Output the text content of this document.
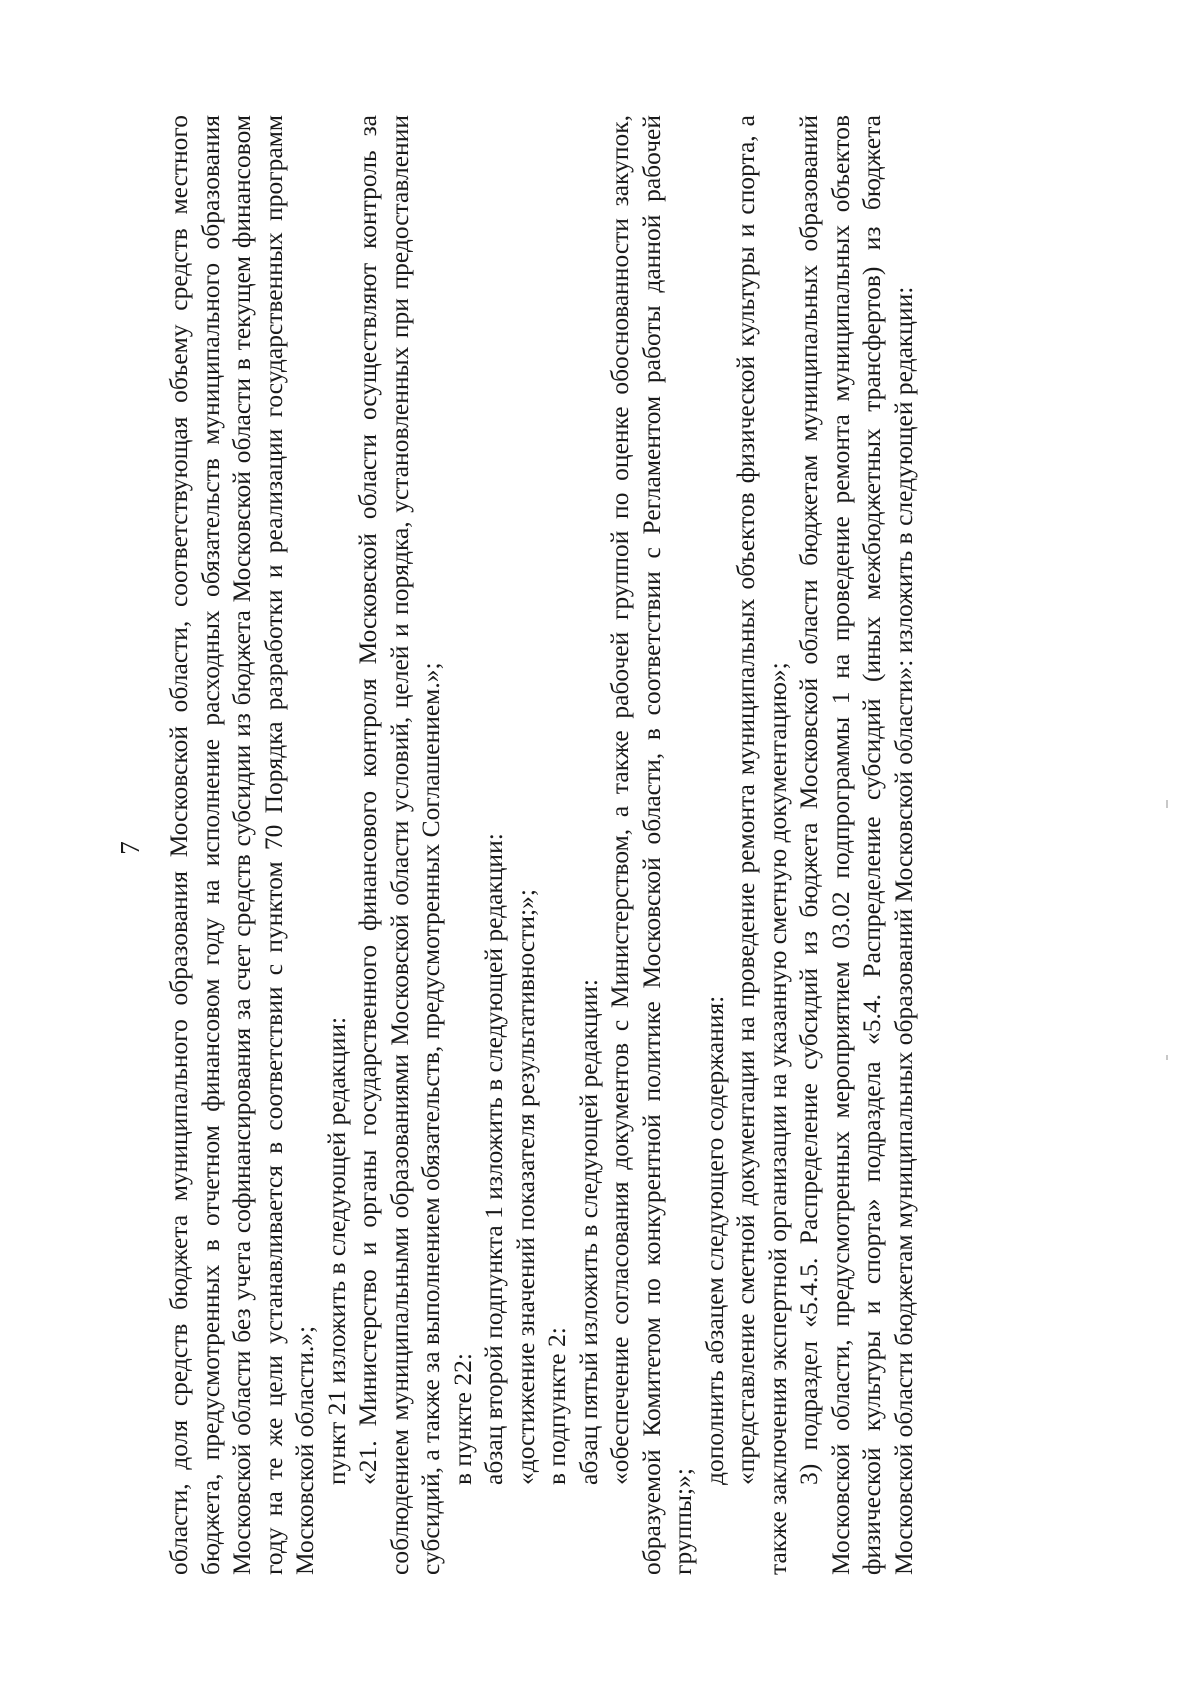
7 области, доля средств бюджета муниципального образования Московской области, соответствующая объему средств местного бюджета, предусмотренных в отчетном финансовом году на исполнение расходных обязательств муниципального образования Московской области без учета софинансирования за счет средств субсидии из бюджета Московской области в текущем финансовом году на те же цели устанавливается в соответствии с пунктом 70 Порядка разработки и реализации государственных программ Московской области.»; пункт 21 изложить в следующей редакции: «21. Министерство и органы государственного финансового контроля Московской области осуществляют контроль за соблюдением муниципальными образованиями Московской области условий, целей и порядка, установленных при предоставлении субсидий, а также за выполнением обязательств, предусмотренных Соглашением.»; в пункте 22: абзац второй подпункта 1 изложить в следующей редакции: «достижение значений показателя результативности;»; в подпункте 2: абзац пятый изложить в следующей редакции: «обеспечение согласования документов с Министерством, а также рабочей группой по оценке обоснованности закупок, образуемой Комитетом по конкурентной политике Московской области, в соответствии с Регламентом работы данной рабочей группы;»;

дополнить абзацем следующего содержания: «представление сметной документации на проведение ремонта муниципальных объектов физической культуры и спорта, а также заключения экспертной организации на указанную сметную документацию»; 3) подраздел «5.4.5. Распределение субсидий из бюджета Московской области бюджетам муниципальных образований Московской области, предусмотренных мероприятием 03.02 подпрограммы 1 на проведение ремонта муниципальных объектов физической культуры и спорта» подраздела «5.4. Распределение субсидий (иных межбюджетных трансфертов) из бюджета Московской области бюджетам муниципальных образований Московской области»: изложить в следующей редакции:
